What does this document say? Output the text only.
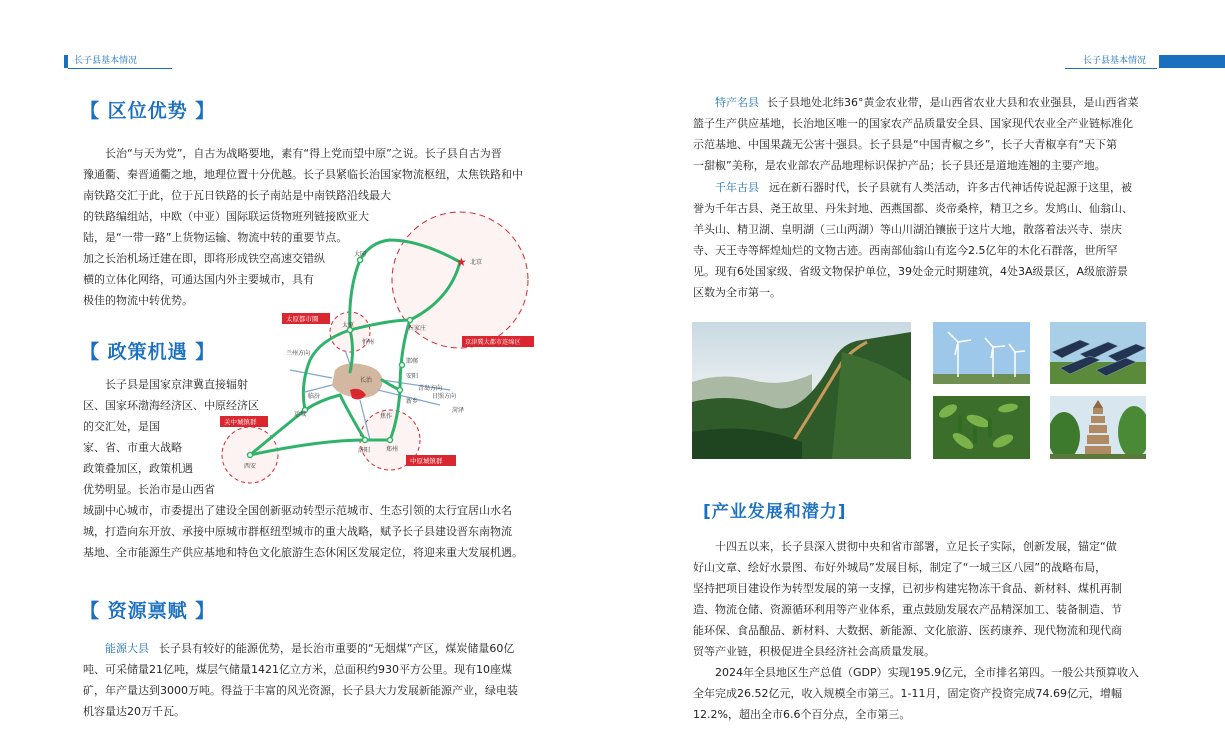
长子县基本情况
【 区位优势 】
长治“与天为党”，自古为战略要地，素有“得上党而望中原”之说。长子县自古为晋
豫通衢、秦晋通衢之地，地理位置十分优越。长子县紧临长治国家物流枢纽，太焦铁路和中
南铁路交汇于此，位于瓦日铁路的长子南站是中南铁路沿线最大
的铁路编组站，中欧（中亚）国际联运货物班列链接欧亚大
陆，是“一带一路”上货物运输、物流中转的重要节点。
加之长治机场迁建在即，即将形成铁空高速交错纵
横的立体化网络，可通达国内外主要城市，具有
极佳的物流中转优势。
【 政策机遇 】
长子县是国家京津冀直接辐射
区、国家环渤海经济区、中原经济区
的交汇处，是国
家、省、市重大战略
政策叠加区，政策机遇
优势明显。长治市是山西省
域副中心城市，市委提出了建设全国创新驱动转型示范城市、生态引领的太行宜居山水名
城，打造向东开放、承接中原城市群枢纽型城市的重大战略，赋予长子县建设晋东南物流
基地、全市能源生产供应基地和特色文化旅游生态休闲区发展定位，将迎来重大发展机遇。
【 资源禀赋 】
能源大县 长子县有较好的能源优势，是长治市重要的“无烟煤”产区，煤炭储量60亿
吨、可采储量21亿吨，煤层气储量1421亿立方米，总面积约930平方公里。现有10座煤
矿，年产量达到3000万吨。得益于丰富的风光资源，长子县大力发展新能源产业，绿电装
机容量达20万千瓦。
★ 北京
大同
太原	石家庄
忻州
兰州方向
邯郸
临汾
安阳
新乡
运城	焦作
郑州
洛阳
西安
青岛方向
日照方向
菏泽
长治
太原都市圈
京津冀大都市连绵区
关中城镇群
中原城镇群
长子县基本情况
特产名县 长子县地处北纬36°黄金农业带，是山西省农业大县和农业强县，是山西省菜
篮子生产供应基地，长治地区唯一的国家农产品质量安全县、国家现代农业全产业链标准化
示范基地、中国果蔬无公害十强县。长子县是“中国青椒之乡”，长子大青椒享有“天下第
一甜椒”美称，是农业部农产品地理标识保护产品；长子县还是道地连翘的主要产地。
千年古县 远在新石器时代，长子县就有人类活动，许多古代神话传说起源于这里，被
誉为千年古县、尧王故里、丹朱封地、西燕国都、炎帝桑梓，精卫之乡。发鸠山、仙翁山、
羊头山、精卫湖、皇明湖（三山两湖）等山川湖泊镶嵌于这片大地，散落着法兴寺、崇庆
寺、天王寺等辉煌灿烂的文物古迹。西南部仙翁山有迄今2.5亿年的木化石群落，世所罕
见。现有6处国家级、省级文物保护单位，39处金元时期建筑，4处3A级景区，A级旅游景
区数为全市第一。
[产业发展和潜力]
十四五以来，长子县深入贯彻中央和省市部署，立足长子实际，创新发展，锚定“做
好山文章、绘好水景图、布好外城局”发展目标，制定了“一城三区八园”的战略布局，
坚持把项目建设作为转型发展的第一支撑，已初步构建宪物冻干食品、新材料、煤机再制
造、物流仓储、资源循环利用等产业体系，重点鼓励发展农产品精深加工、装备制造、节
能环保、食品酿品、新材料、大数据、新能源、文化旅游、医药康养、现代物流和现代商
贸等产业链，积极促进全县经济社会高质量发展。
2024年全县地区生产总值（GDP）实现195.9亿元，全市排名第四。一般公共预算收入
全年完成26.52亿元，收入规模全市第三。1-11月，固定资产投资完成74.69亿元，增幅
12.2%，超出全市6.6个百分点，全市第三。
